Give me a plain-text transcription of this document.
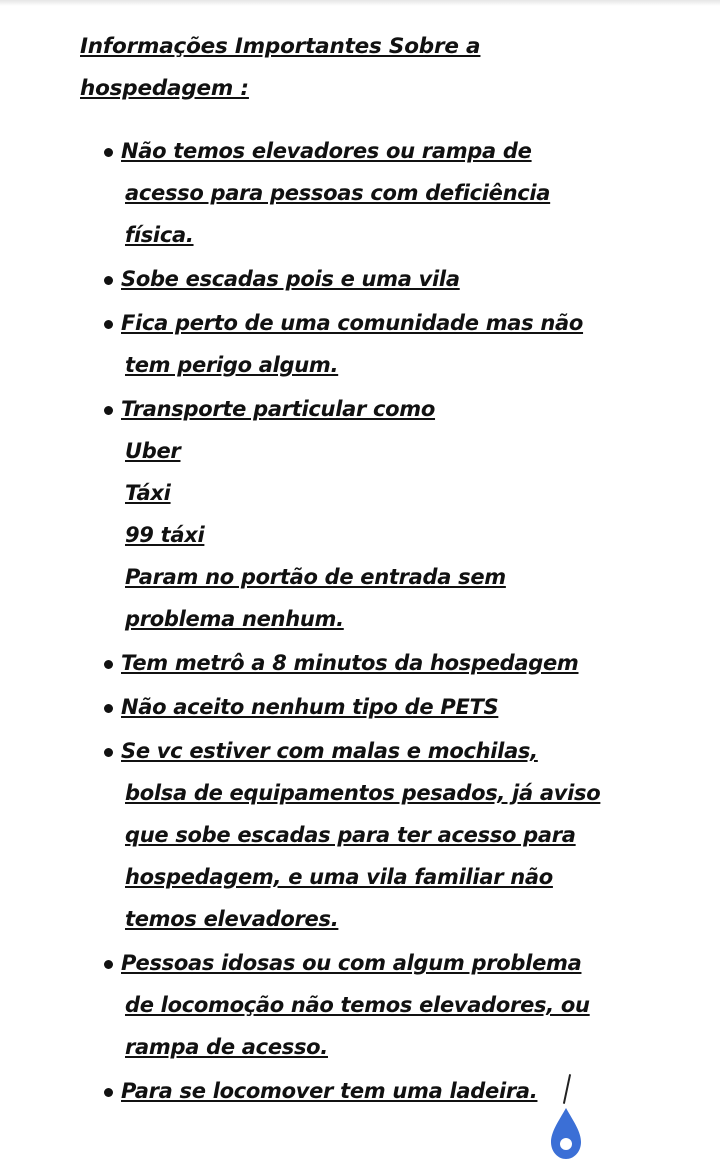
Informações Importantes Sobre a
hospedagem :
Não temos elevadores ou rampa de
acesso para pessoas com deficiência
física.
Sobe escadas pois e uma vila
Fica perto de uma comunidade mas não
tem perigo algum.
Transporte particular como
Uber
Táxi
99 táxi
Param no portão de entrada sem
problema nenhum.
Tem metrô a 8 minutos da hospedagem
Não aceito nenhum tipo de PETS
Se vc estiver com malas e mochilas,
bolsa de equipamentos pesados, já aviso
que sobe escadas para ter acesso para
hospedagem, e uma vila familiar não
temos elevadores.
Pessoas idosas ou com algum problema
de locomoção não temos elevadores, ou
rampa de acesso.
Para se locomover tem uma ladeira.
